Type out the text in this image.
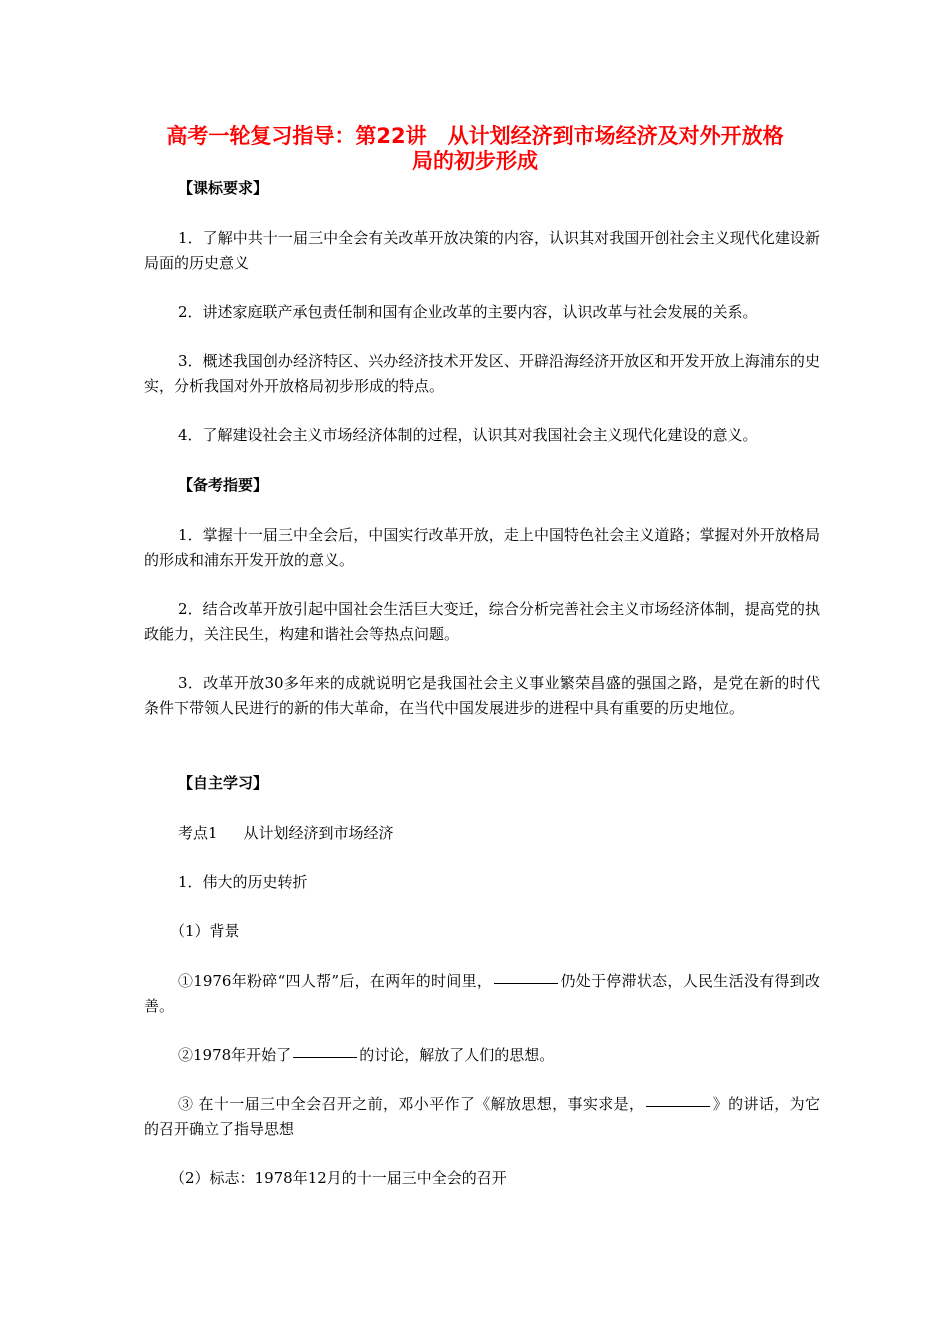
高考一轮复习指导：第22讲　从计划经济到市场经济及对外开放格
局的初步形成
【课标要求】
1．了解中共十一届三中全会有关改革开放决策的内容，认识其对我国开创社会主义现代化建设新局面的历史意义
2．讲述家庭联产承包责任制和国有企业改革的主要内容，认识改革与社会发展的关系。
3．概述我国创办经济特区、兴办经济技术开发区、开辟沿海经济开放区和开发开放上海浦东的史实，分析我国对外开放格局初步形成的特点。
4．了解建设社会主义市场经济体制的过程，认识其对我国社会主义现代化建设的意义。
【备考指要】
1．掌握十一届三中全会后，中国实行改革开放，走上中国特色社会主义道路；掌握对外开放格局的形成和浦东开发开放的意义。
2．结合改革开放引起中国社会生活巨大变迁，综合分析完善社会主义市场经济体制，提高党的执政能力，关注民生，构建和谐社会等热点问题。
3．改革开放30多年来的成就说明它是我国社会主义事业繁荣昌盛的强国之路，是党在新的时代条件下带领人民进行的新的伟大革命，在当代中国发展进步的进程中具有重要的历史地位。
【自主学习】
考点1 从计划经济到市场经济
1．伟大的历史转折
（1）背景
①1976年粉碎“四人帮”后，在两年的时间里，	仍处于停滞状态，人民生活没有得到改善。
②1978年开始了	的讨论，解放了人们的思想。
③ 在十一届三中全会召开之前，邓小平作了《解放思想，事实求是，	》的讲话，为它的召开确立了指导思想
（2）标志：1978年12月的十一届三中全会的召开
